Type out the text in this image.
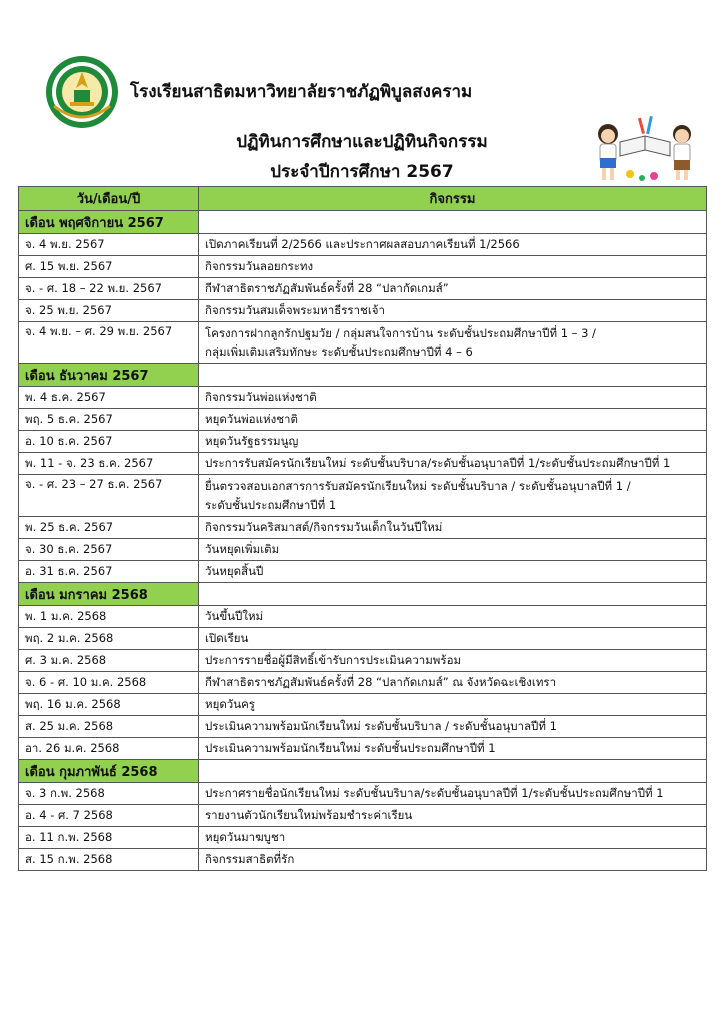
โรงเรียนสาธิตมหาวิทยาลัยราชภัฏพิบูลสงคราม
ปฏิทินการศึกษาและปฏิทินกิจกรรม
ประจำปีการศึกษา 2567
วัน/เดือน/ปี	กิจกรรม
เดือน พฤศจิกายน 2567	
จ. 4 พ.ย. 2567	เปิดภาคเรียนที่ 2/2566 และประกาศผลสอบภาคเรียนที่ 1/2566

ศ. 15 พ.ย. 2567	กิจกรรมวันลอยกระทง

จ. - ศ. 18 – 22 พ.ย. 2567	กีฬาสาธิตราชภัฏสัมพันธ์ครั้งที่ 28 “ปลากัดเกมส์”

จ. 25 พ.ย. 2567	กิจกรรมวันสมเด็จพระมหาธีรราชเจ้า

จ. 4 พ.ย. – ศ. 29 พ.ย. 2567	โครงการฝากลูกรักปฐมวัย / กลุ่มสนใจการบ้าน ระดับชั้นประถมศึกษาปีที่ 1 – 3 /
กลุ่มเพิ่มเติมเสริมทักษะ ระดับชั้นประถมศึกษาปีที่ 4 – 6

เดือน ธันวาคม 2567	
พ. 4 ธ.ค. 2567	กิจกรรมวันพ่อแห่งชาติ

พฤ. 5 ธ.ค. 2567	หยุดวันพ่อแห่งชาติ

อ. 10 ธ.ค. 2567	หยุดวันรัฐธรรมนูญ

พ. 11 - จ. 23 ธ.ค. 2567	ประการรับสมัครนักเรียนใหม่ ระดับชั้นบริบาล/ระดับชั้นอนุบาลปีที่ 1/ระดับชั้นประถมศึกษาปีที่ 1

จ. - ศ. 23 – 27 ธ.ค. 2567	ยื่นตรวจสอบเอกสารการรับสมัครนักเรียนใหม่ ระดับชั้นบริบาล / ระดับชั้นอนุบาลปีที่ 1 /
ระดับชั้นประถมศึกษาปีที่ 1

พ. 25 ธ.ค. 2567	กิจกรรมวันคริสมาสต์/กิจกรรมวันเด็กในวันปีใหม่

จ. 30 ธ.ค. 2567	วันหยุดเพิ่มเติม

อ. 31 ธ.ค. 2567	วันหยุดสิ้นปี

เดือน มกราคม 2568	
พ. 1 ม.ค. 2568	วันขึ้นปีใหม่

พฤ. 2 ม.ค. 2568	เปิดเรียน

ศ. 3 ม.ค. 2568	ประการรายชื่อผู้มีสิทธิ์เข้ารับการประเมินความพร้อม

จ. 6 - ศ. 10 ม.ค. 2568	กีฬาสาธิตราชภัฏสัมพันธ์ครั้งที่ 28 “ปลากัดเกมส์” ณ จังหวัดฉะเชิงเทรา

พฤ. 16 ม.ค. 2568	หยุดวันครู

ส. 25 ม.ค. 2568	ประเมินความพร้อมนักเรียนใหม่ ระดับชั้นบริบาล / ระดับชั้นอนุบาลปีที่ 1

อา. 26 ม.ค. 2568	ประเมินความพร้อมนักเรียนใหม่ ระดับชั้นประถมศึกษาปีที่ 1

เดือน กุมภาพันธ์ 2568	
จ. 3 ก.พ. 2568	ประกาศรายชื่อนักเรียนใหม่ ระดับชั้นบริบาล/ระดับชั้นอนุบาลปีที่ 1/ระดับชั้นประถมศึกษาปีที่ 1

อ. 4 - ศ. 7 2568	รายงานตัวนักเรียนใหม่พร้อมชำระค่าเรียน

อ. 11 ก.พ. 2568	หยุดวันมาฆบูชา

ส. 15 ก.พ. 2568	กิจกรรมสาธิตที่รัก
